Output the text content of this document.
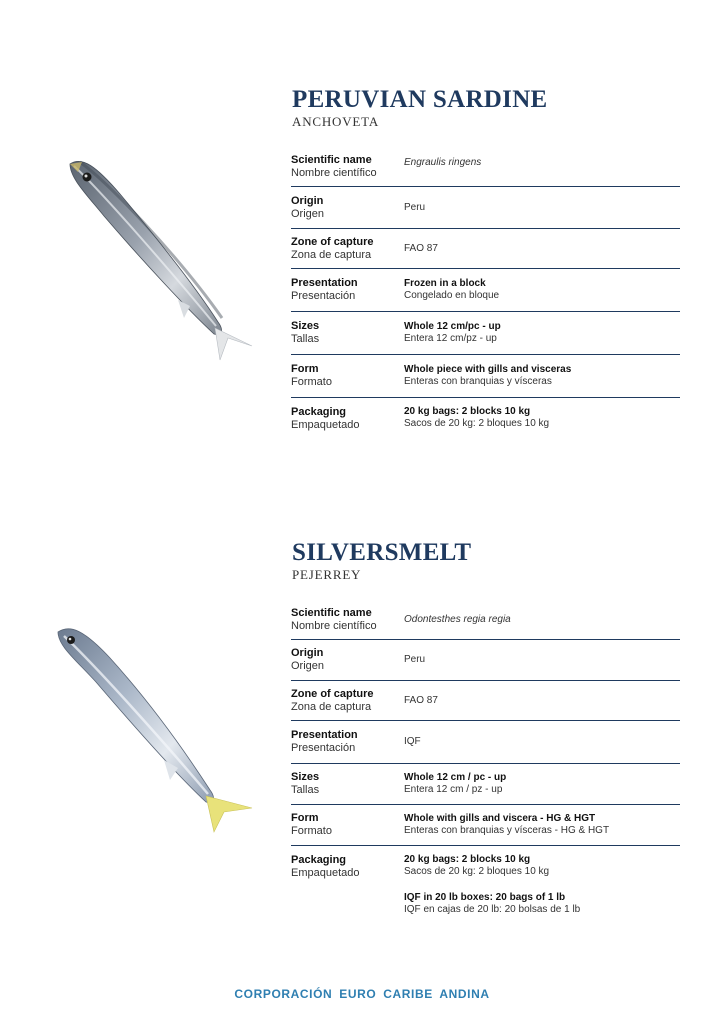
PERUVIAN SARDINE
ANCHOVETA
Scientific name
Nombre científico
Engraulis ringens
Origin
Origen
Peru
Zone of capture
Zona de captura
FAO 87
Presentation
Presentación
Frozen in a block
Congelado en bloque
Sizes
Tallas
Whole 12 cm/pc - up
Entera 12 cm/pz - up
Form
Formato
Whole piece with gills and visceras
Enteras con branquias y vísceras
Packaging
Empaquetado
20 kg bags: 2 blocks 10 kg
Sacos de 20 kg: 2 bloques 10 kg
SILVERSMELT
PEJERREY
Scientific name
Nombre científico
Odontesthes regia regia
Origin
Origen
Peru
Zone of capture
Zona de captura
FAO 87
Presentation
Presentación
IQF
Sizes
Tallas
Whole 12 cm / pc - up
Entera 12 cm / pz - up
Form
Formato
Whole with gills and viscera - HG & HGT
Enteras con branquias y vísceras - HG & HGT
Packaging
Empaquetado
20 kg bags: 2 blocks 10 kg
Sacos de 20 kg: 2 bloques 10 kg
IQF in 20 lb boxes: 20 bags of 1 lb
IQF en cajas de 20 lb: 20 bolsas de 1 lb
CORPORACIÓN EURO CARIBE ANDINA
